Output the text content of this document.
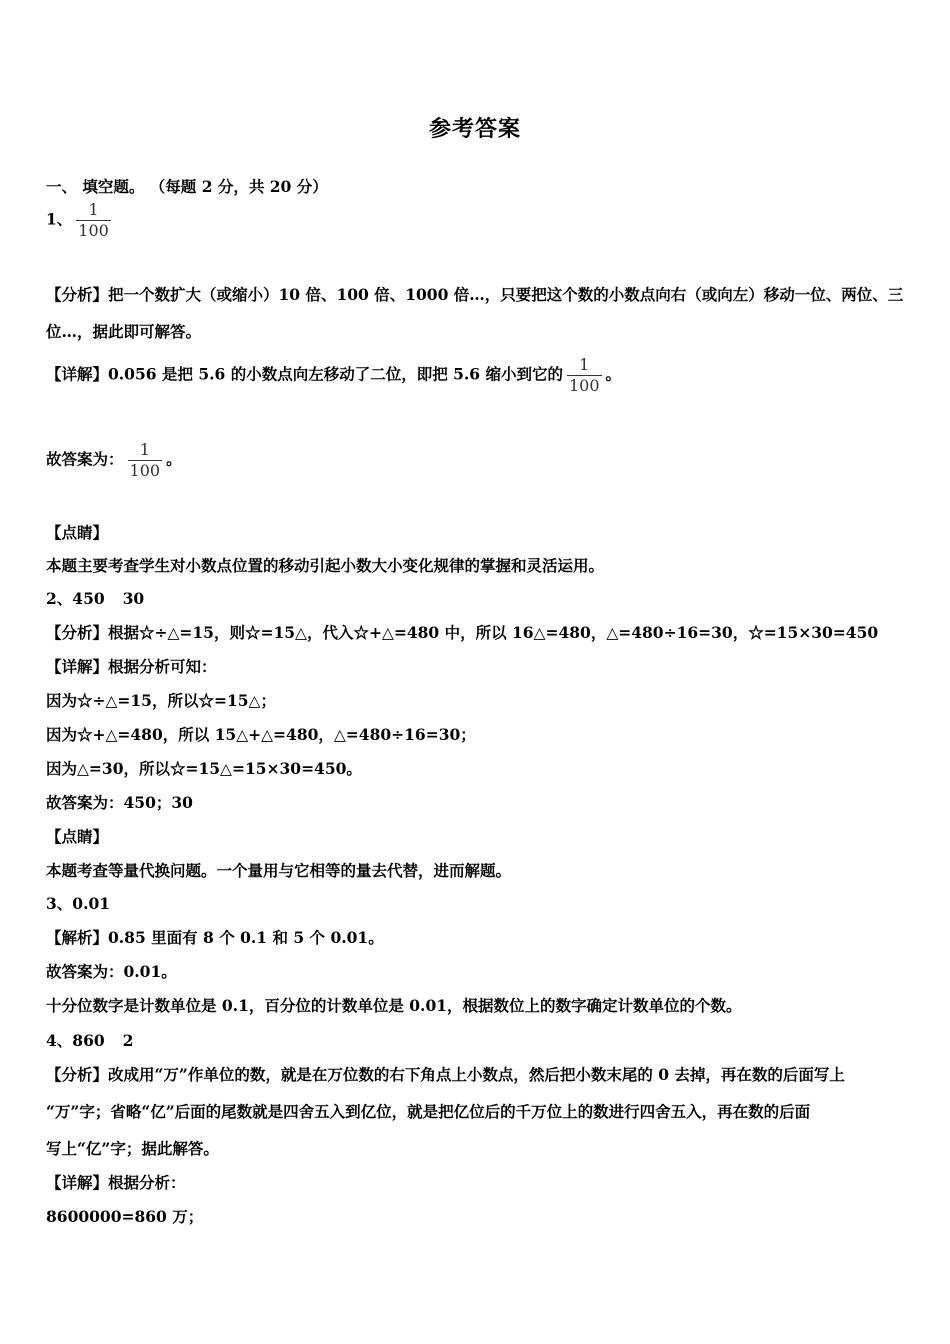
参考答案
一、 填空题。 （每题 2 分，共 20 分）
1、 $\frac{1}{100}$
【分析】把一个数扩大（或缩小）10 倍、100 倍、1000 倍…，只要把这个数的小数点向右（或向左）移动一位、两位、三
位…，据此即可解答。
【详解】0.056 是把 5.6 的小数点向左移动了二位，即把 5.6 缩小到它的 $\frac{1}{100}$ 。
故答案为： $\frac{1}{100}$ 。
【点睛】
本题主要考查学生对小数点位置的移动引起小数大小变化规律的掌握和灵活运用。
2、450 30
【分析】根据☆÷△=15，则☆=15△，代入☆+△=480 中，所以 16△=480，△=480÷16=30，☆=15×30=450
【详解】根据分析可知：
因为☆÷△=15，所以☆=15△；
因为☆+△=480，所以 15△+△=480，△=480÷16=30；
因为△=30，所以☆=15△=15×30=450。
故答案为：450；30
【点睛】
本题考查等量代换问题。一个量用与它相等的量去代替，进而解题。
3、0.01
【解析】0.85 里面有 8 个 0.1 和 5 个 0.01。
故答案为：0.01。
十分位数字是计数单位是 0.1，百分位的计数单位是 0.01，根据数位上的数字确定计数单位的个数。
4、860 2
【分析】改成用“万”作单位的数，就是在万位数的右下角点上小数点，然后把小数末尾的 0 去掉，再在数的后面写上
“万”字；省略“亿”后面的尾数就是四舍五入到亿位，就是把亿位后的千万位上的数进行四舍五入，再在数的后面
写上“亿”字；据此解答。
【详解】根据分析：
8600000=860 万；
